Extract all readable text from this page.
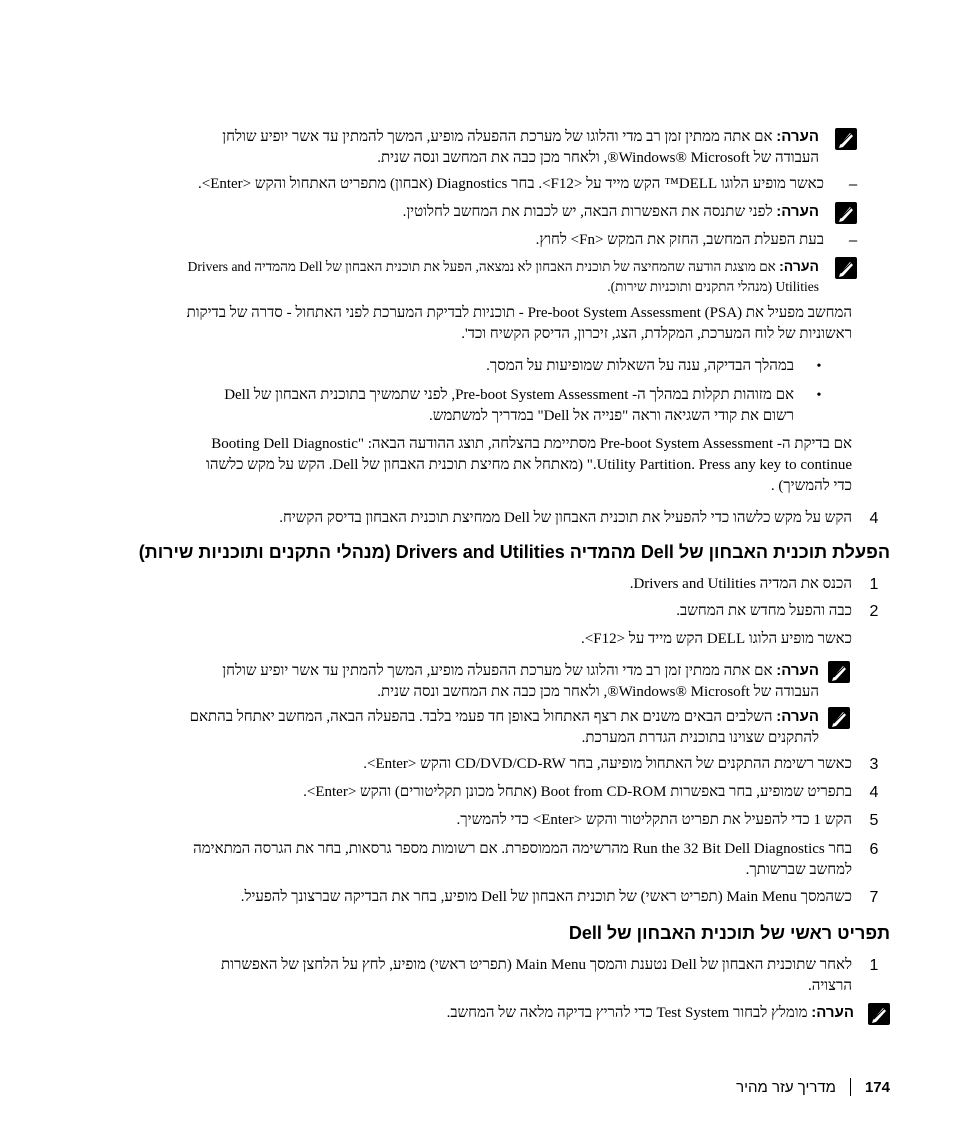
הערה: אם אתה ממתין זמן רב מדי והלוגו של מערכת ההפעלה מופיע, המשך להמתין עד אשר יופיע שולחן
העבודה של Windows® Microsoft®, ולאחר מכן כבה את המחשב ונסה שנית.
–
כאשר מופיע הלוגו DELL™ הקש מייד על <F12>. בחר Diagnostics (אבחון) מתפריט האתחול והקש <Enter>.
הערה: לפני שתנסה את האפשרות הבאה, יש לכבות את המחשב לחלוטין.
–
בעת הפעלת המחשב, החזק את המקש <Fn> לחוץ.
הערה: אם מוצגת הודעה שהמחיצה של תוכנית האבחון לא נמצאה, הפעל את תוכנית האבחון של Dell מהמדיה Drivers and
Utilities (מנהלי התקנים ותוכניות שירות).
המחשב מפעיל את Pre-boot System Assessment (PSA) - תוכניות לבדיקת המערכת לפני האתחול - סדרה של בדיקות
ראשוניות של לוח המערכת, המקלדת, הצג, זיכרון, הדיסק הקשיח וכד'.
•
במהלך הבדיקה, ענה על השאלות שמופיעות על המסך.
•
אם מזוהות תקלות במהלך ה- Pre-boot System Assessment, לפני שתמשיך בתוכנית האבחון של Dell
רשום את קודי השגיאה וראה "פנייה אל Dell" במדריך למשתמש.
אם בדיקת ה- Pre-boot System Assessment מסתיימת בהצלחה, תוצג ההודעה הבאה: "Booting Dell Diagnostic
Utility Partition. Press any key to continue." (מאתחל את מחיצת תוכנית האבחון של Dell. הקש על מקש כלשהו
כדי להמשיך) .
4
הקש על מקש כלשהו כדי להפעיל את תוכנית האבחון של Dell ממחיצת תוכנית האבחון בדיסק הקשיח.
הפעלת תוכנית האבחון של Dell מהמדיה Drivers and Utilities (מנהלי התקנים ותוכניות שירות)
1
הכנס את המדיה Drivers and Utilities.
2
כבה והפעל מחדש את המחשב.
כאשר מופיע הלוגו DELL הקש מייד על <F12>.
הערה: אם אתה ממתין זמן רב מדי והלוגו של מערכת ההפעלה מופיע, המשך להמתין עד אשר יופיע שולחן
העבודה של Windows® Microsoft®, ולאחר מכן כבה את המחשב ונסה שנית.
הערה: השלבים הבאים משנים את רצף האתחול באופן חד פעמי בלבד. בהפעלה הבאה, המחשב יאתחל בהתאם
להתקנים שצוינו בתוכנית הגדרת המערכת.
3
כאשר רשימת ההתקנים של האתחול מופיעה, בחר CD/DVD/CD-RW והקש <Enter>.
4
בתפריט שמופיע, בחר באפשרות Boot from CD-ROM (אתחל מכונן תקליטורים) והקש <Enter>.
5
הקש 1 כדי להפעיל את תפריט התקליטור והקש <Enter> כדי להמשיך.
6
בחר Run the 32 Bit Dell Diagnostics מהרשימה הממוספרת. אם רשומות מספר גרסאות, בחר את הגרסה המתאימה
למחשב שברשותך.
7
כשהמסך Main Menu (תפריט ראשי) של תוכנית האבחון של Dell מופיע, בחר את הבדיקה שברצונך להפעיל.
תפריט ראשי של תוכנית האבחון של Dell
1
לאחר שתוכנית האבחון של Dell נטענת והמסך Main Menu (תפריט ראשי) מופיע, לחץ על הלחצן של האפשרות
הרצויה.
הערה: מומלץ לבחור Test System כדי להריץ בדיקה מלאה של המחשב.
174מדריך עזר מהיר
